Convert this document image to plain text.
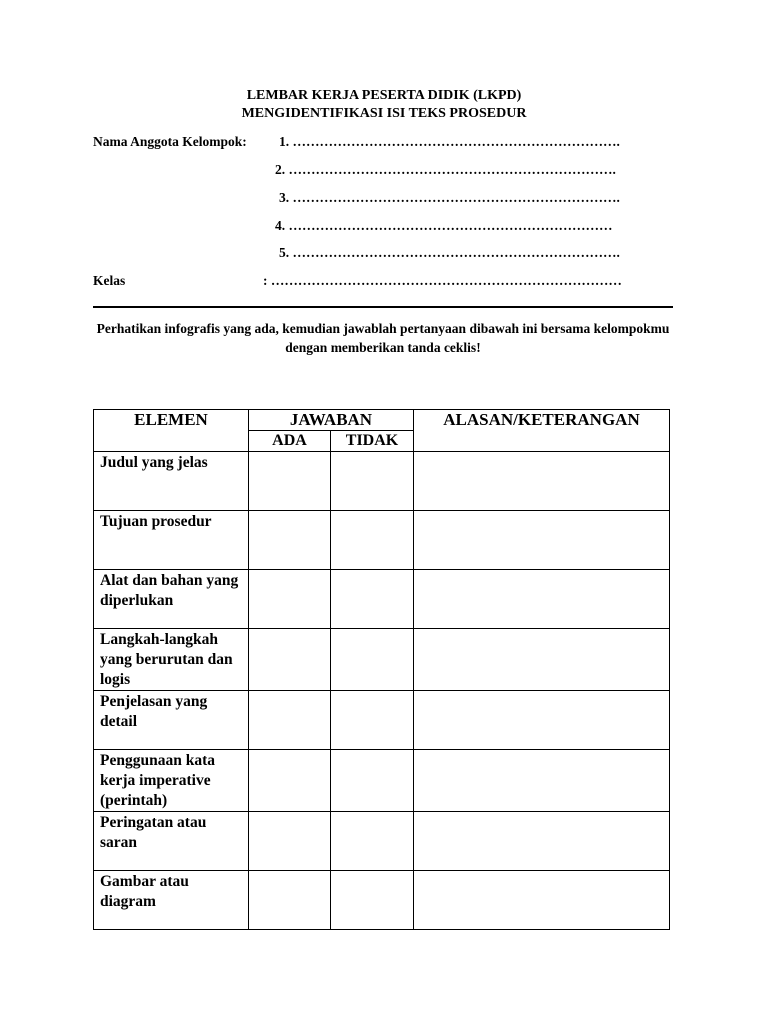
LEMBAR KERJA PESERTA DIDIK (LKPD)
MENGIDENTIFIKASI ISI TEKS PROSEDUR
Nama Anggota Kelompok: 1. ……………………………………………………………….
2. ……………………………………………………………….
3. ……………………………………………………………….
4. ………………………………………………………………
5. ……………………………………………………………….
Kelas	: ……………………………………………………………………
Perhatikan infografis yang ada, kemudian jawablah pertanyaan dibawah ini bersama kelompokmu dengan memberikan tanda ceklis!
ELEMEN	JAWABAN		ALASAN/KETERANGAN
	ADA	TIDAK	

Judul yang jelas			

Tujuan prosedur			

Alat dan bahan yang diperlukan			

Langkah-langkah yang berurutan dan logis			

Penjelasan yang detail			

Penggunaan kata kerja imperative (perintah)			

Peringatan atau saran			

Gambar atau diagram			
